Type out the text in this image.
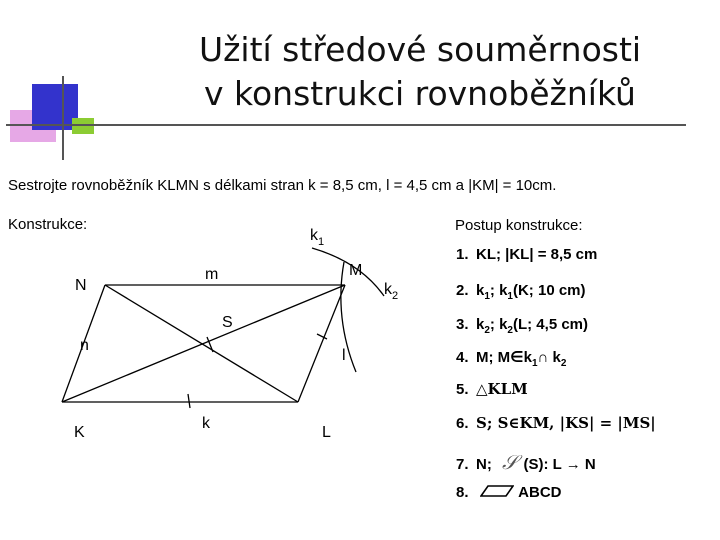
Užití středové souměrnosti
v konstrukci rovnoběžníků
Sestrojte rovnoběžník KLMN s délkami stran k = 8,5 cm, l = 4,5 cm a |KM| = 10cm.
Konstrukce:	Postup konstrukce:
K	L
M
N
S
k
l
m
n
$k_1$
$k_2$
1. KL; |KL| = 8,5 cm
2. $k_1$; $k_1(K$; 10 cm)
3. $k_2$; $k_2(L$; 4,5 cm)
4. M; $M\in k_1\cap$ $k_2$
5. △KLM
6. S; S∈KM, |KS| = |MS|
7. N; 𝒮 (S): L → N
8.	ABCD
